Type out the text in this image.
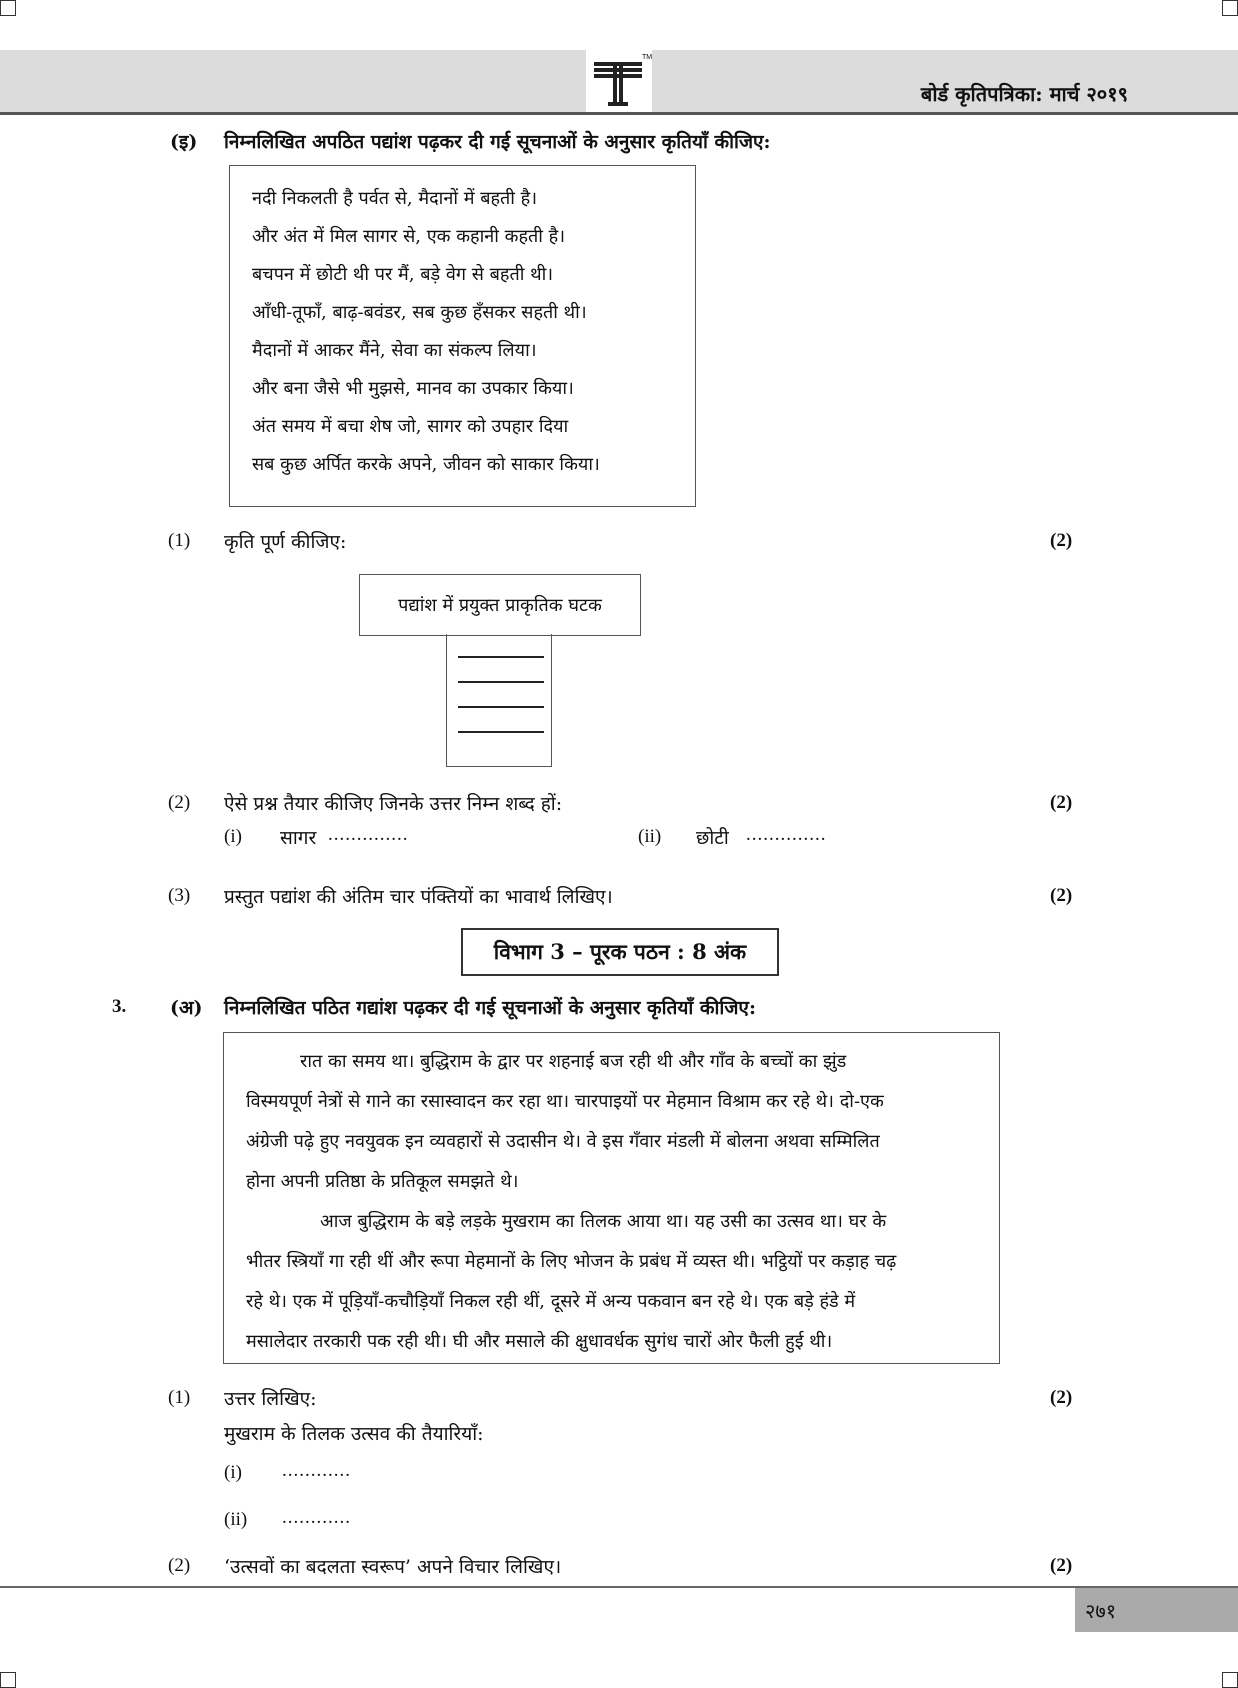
TM
बोर्ड कृतिपत्रिका: मार्च २०१९
(इ) निम्नलिखित अपठित पद्यांश पढ़कर दी गई सूचनाओं के अनुसार कृतियाँ कीजिए:
नदी निकलती है पर्वत से, मैदानों में बहती है।
और अंत में मिल सागर से, एक कहानी कहती है।
बचपन में छोटी थी पर मैं, बड़े वेग से बहती थी।
आँधी-तूफाँ, बाढ़-बवंडर, सब कुछ हँसकर सहती थी।
मैदानों में आकर मैंने, सेवा का संकल्प लिया।
और बना जैसे भी मुझसे, मानव का उपकार किया।
अंत समय में बचा शेष जो, सागर को उपहार दिया
सब कुछ अर्पित करके अपने, जीवन को साकार किया।
(1) कृति पूर्ण कीजिए:	(2)
पद्यांश में प्रयुक्त प्राकृतिक घटक
(2) ऐसे प्रश्न तैयार कीजिए जिनके उत्तर निम्न शब्द हों:	(2)
(i) सागर ..............	(ii) छोटी ..............
(3) प्रस्तुत पद्यांश की अंतिम चार पंक्तियों का भावार्थ लिखिए।	(2)
विभाग 3 – पूरक पठन : 8 अंक
3. (अ) निम्नलिखित पठित गद्यांश पढ़कर दी गई सूचनाओं के अनुसार कृतियाँ कीजिए:
रात का समय था। बुद्धिराम के द्वार पर शहनाई बज रही थी और गाँव के बच्चों का झुंड
विस्मयपूर्ण नेत्रों से गाने का रसास्वादन कर रहा था। चारपाइयों पर मेहमान विश्राम कर रहे थे। दो-एक
अंग्रेजी पढ़े हुए नवयुवक इन व्यवहारों से उदासीन थे। वे इस गँवार मंडली में बोलना अथवा सम्मिलित
होना अपनी प्रतिष्ठा के प्रतिकूल समझते थे।
आज बुद्धिराम के बड़े लड़के मुखराम का तिलक आया था। यह उसी का उत्सव था। घर के
भीतर स्त्रियाँ गा रही थीं और रूपा मेहमानों के लिए भोजन के प्रबंध में व्यस्त थी। भट्ठियों पर कड़ाह चढ़
रहे थे। एक में पूड़ियाँ-कचौड़ियाँ निकल रही थीं, दूसरे में अन्य पकवान बन रहे थे। एक बड़े हंडे में
मसालेदार तरकारी पक रही थी। घी और मसाले की क्षुधावर्धक सुगंध चारों ओर फैली हुई थी।
(1) उत्तर लिखिए:	(2)
मुखराम के तिलक उत्सव की तैयारियाँ:
(i) ............
(ii) ............
(2) ‘उत्सवों का बदलता स्वरूप’ अपने विचार लिखिए।	(2)
२७१
